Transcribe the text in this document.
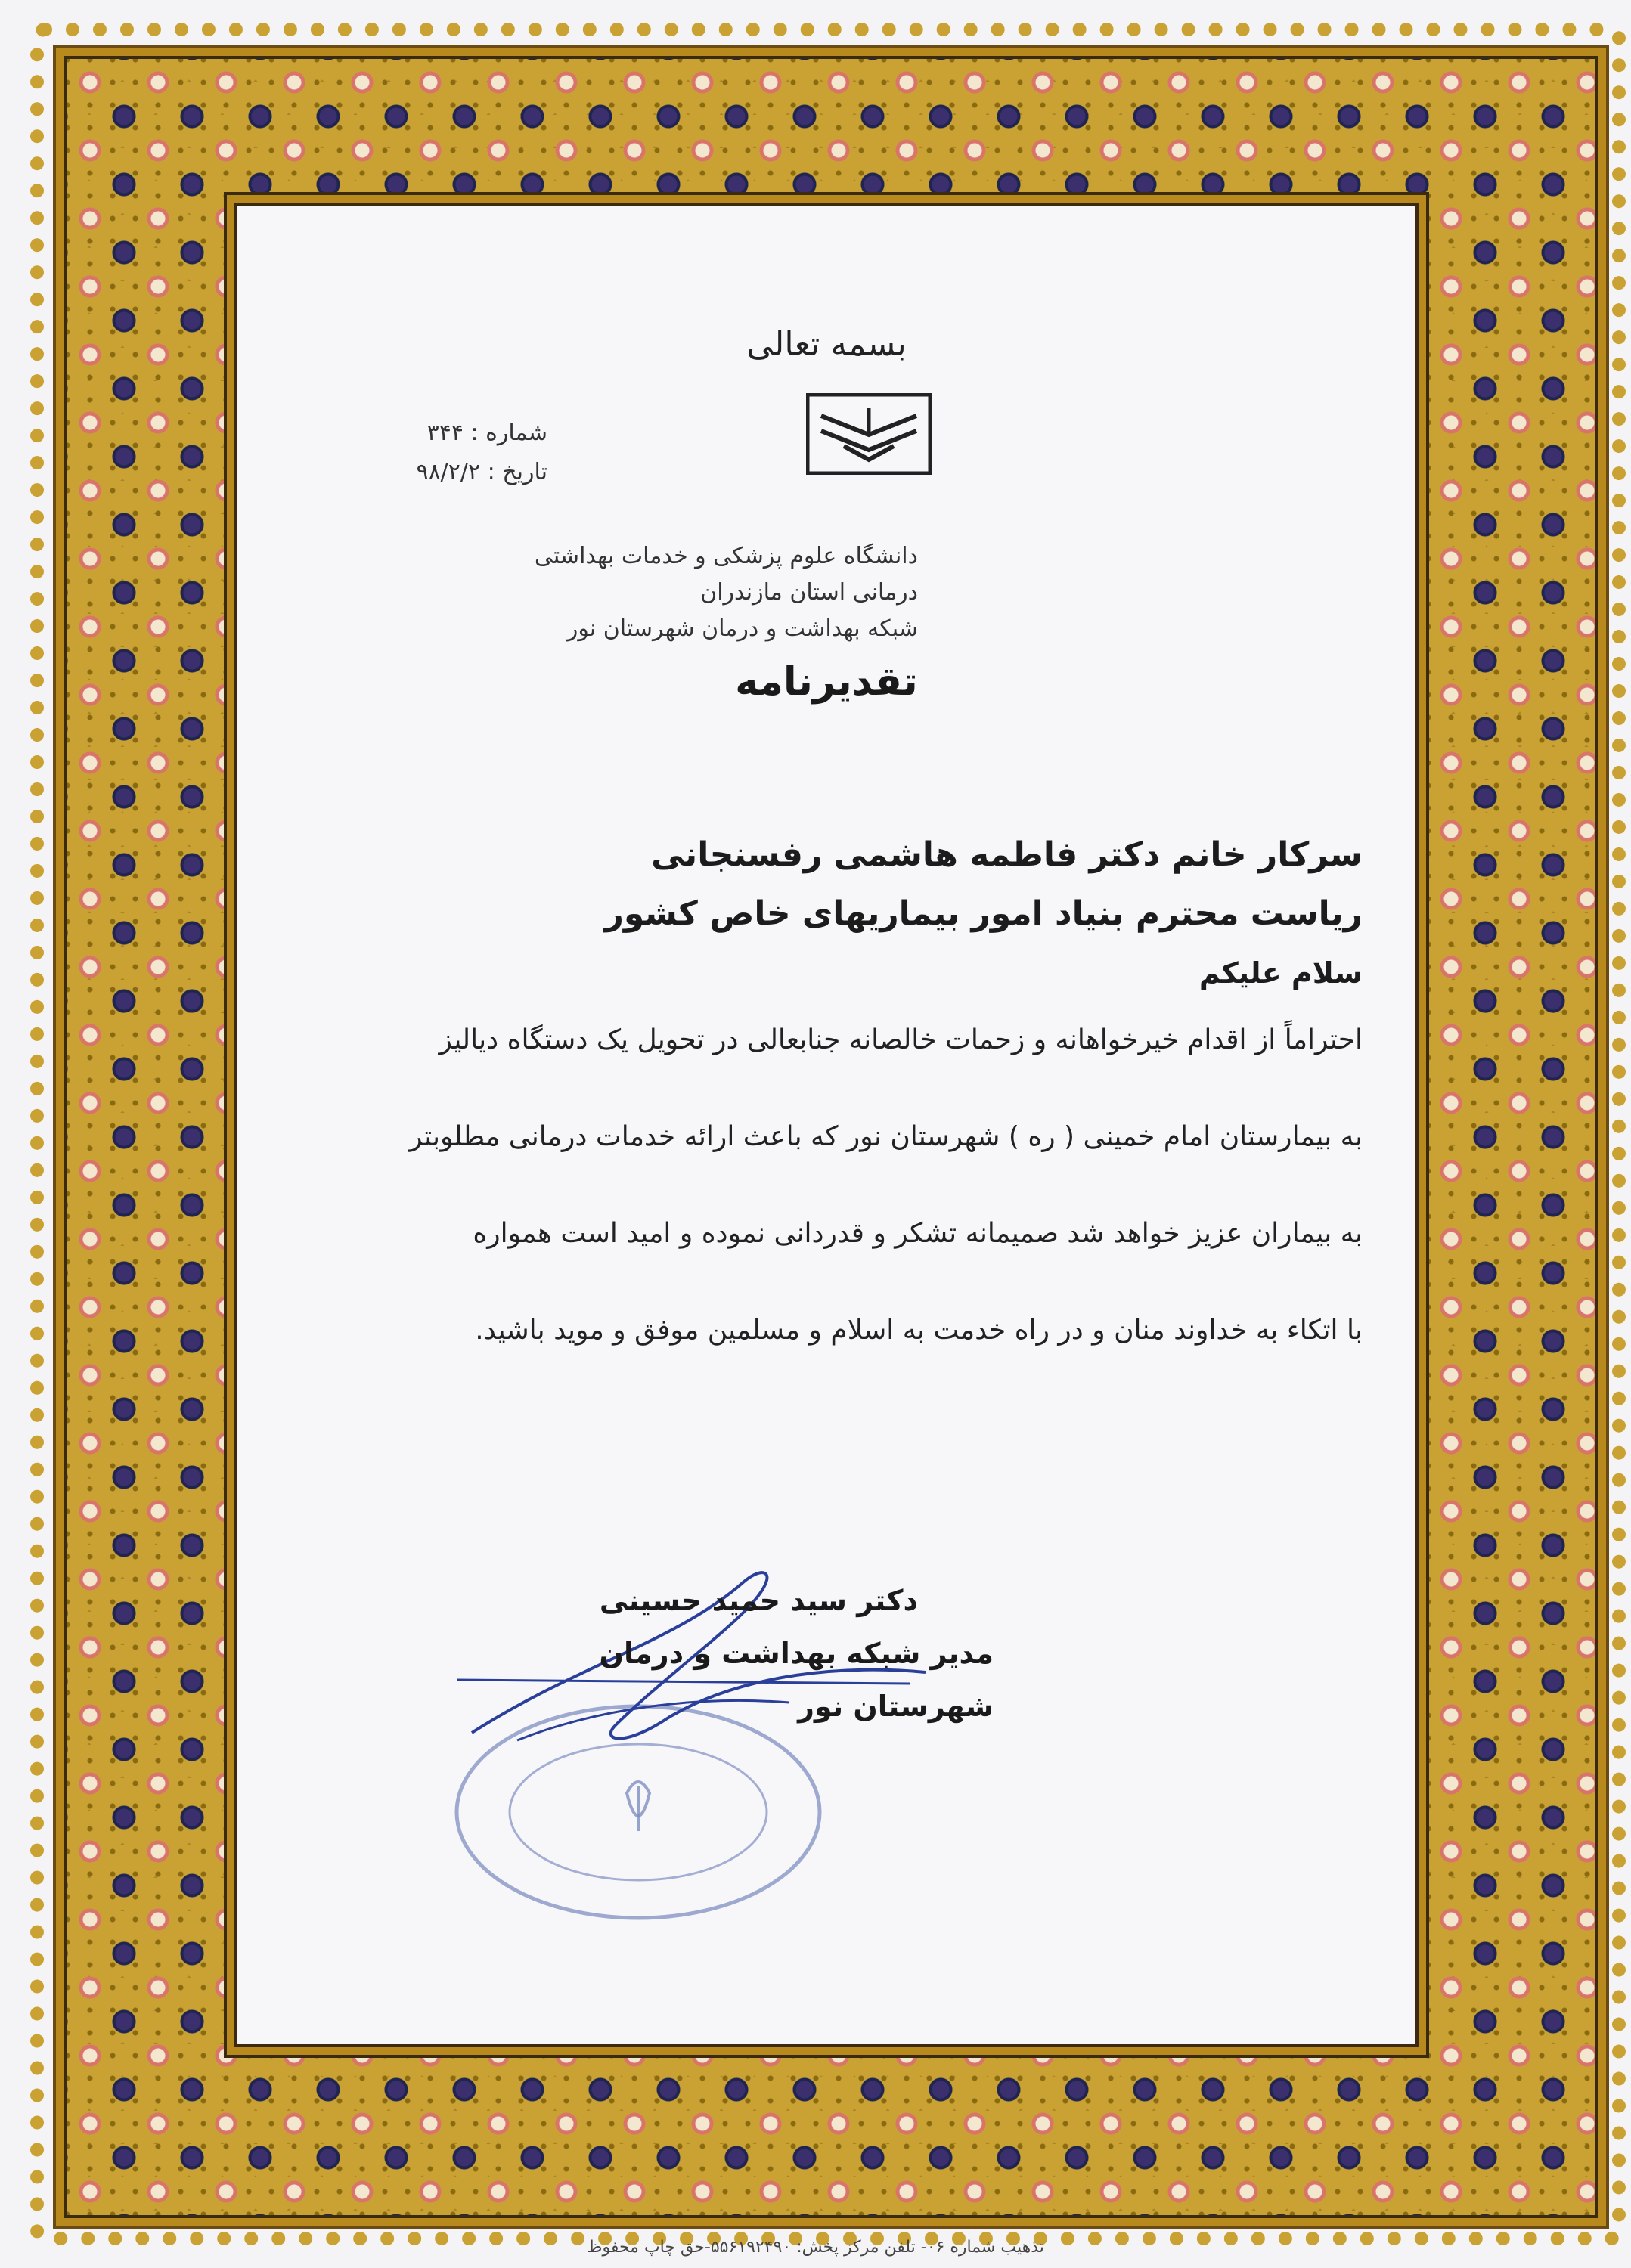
بسمه تعالی
شماره : ۳۴۴
تاریخ : ۹۸/۲/۲
دانشگاه علوم پزشکی و خدمات بهداشتی درمانی استان مازندران
شبکه بهداشت و درمان شهرستان نور
تقدیرنامه
سرکار خانم دکتر فاطمه هاشمی رفسنجانی
ریاست محترم بنیاد امور بیماریهای خاص کشور
سلام علیکم
احتراماً از اقدام خیرخواهانه و زحمات خالصانه جنابعالی در تحویل یک دستگاه دیالیز
به بیمارستان امام خمینی ( ره ) شهرستان نور که باعث ارائه خدمات درمانی مطلوبتر
به بیماران عزیز خواهد شد صمیمانه تشکر و قدردانی نموده و امید است همواره
با اتکاء به خداوند منان و در راه خدمت به اسلام و مسلمین موفق و موید باشید.
دکتر سید حمید حسینی
مدیر شبکه بهداشت و درمان شهرستان نور
تذهیب شماره ۰۶- تلفن مرکز پخش: ۵۵۶۱۹۲۴۹۰-حق چاپ محفوظ
